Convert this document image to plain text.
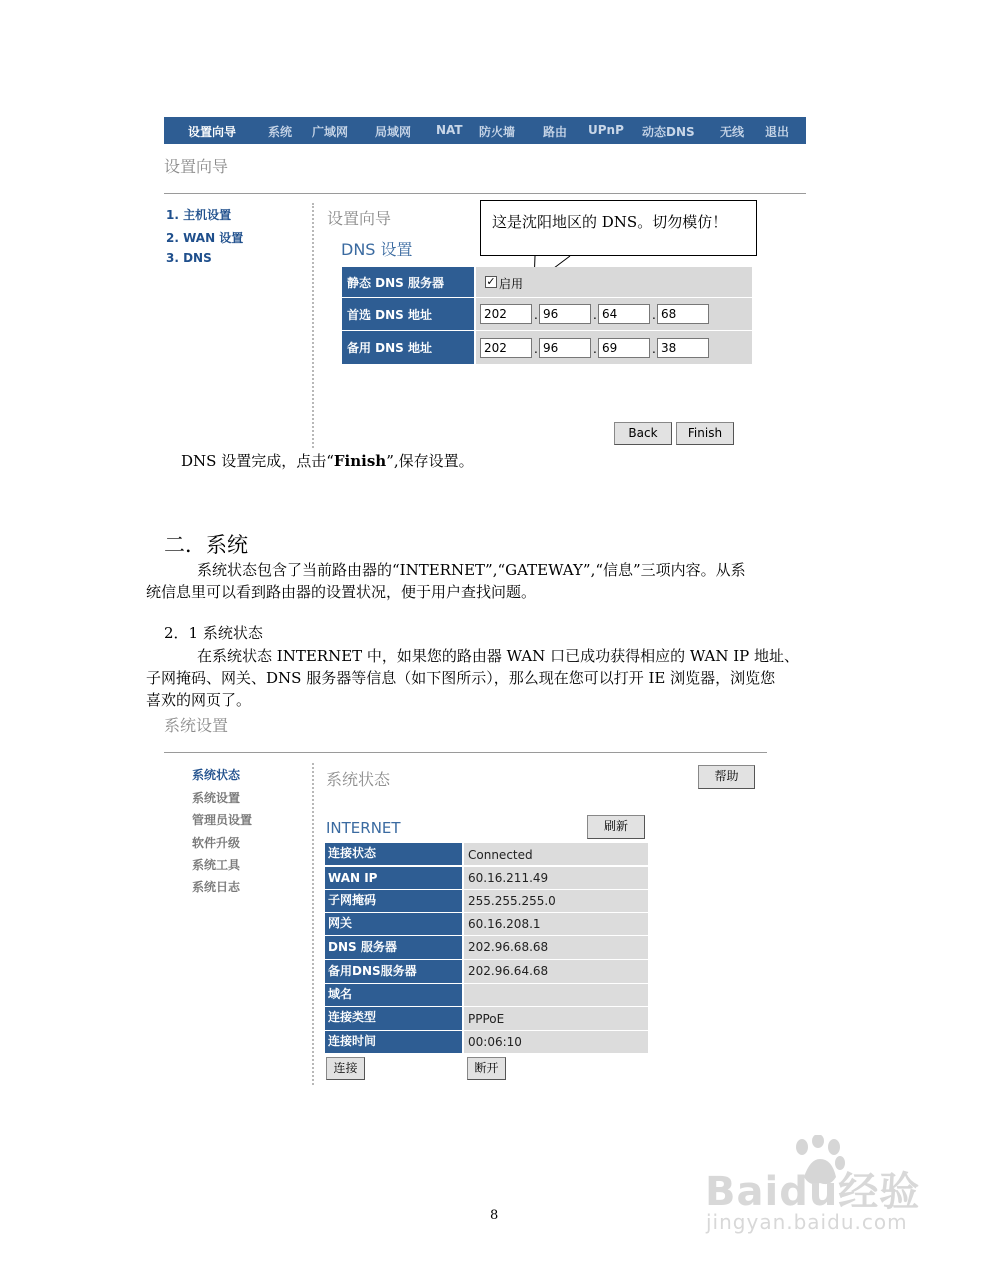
设置向导	系统 广域网 局域网 NAT 防火墙 路由 UPnP 动态DNS 无线 退出
设置向导
1. 主机设置
2. WAN 设置
3. DNS
设置向导
DNS 设置
这是沈阳地区的 DNS。切勿模仿！
静态 DNS 服务器	✓ 启用
首选 DNS 地址	202	. 96	. 64	. 68
备用 DNS 地址	202	. 96	. 69	. 38
Back	Finish
DNS 设置完成，点击“Finish”,保存设置。
二．系统
系统状态包含了当前路由器的“INTERNET”,“GATEWAY”,“信息”三项内容。从系
统信息里可以看到路由器的设置状况，便于用户查找问题。
2．1 系统状态
在系统状态 INTERNET 中，如果您的路由器 WAN 口已成功获得相应的 WAN IP 地址、
子网掩码、网关、DNS 服务器等信息（如下图所示），那么现在您可以打开 IE 浏览器，浏览您
喜欢的网页了。
系统设置
系统状态
系统设置
管理员设置
软件升级
系统工具
系统日志
系统状态	帮助
INTERNET	刷新
连接状态	Connected
WAN IP	60.16.211.49
子网掩码	255.255.255.0
网关	60.16.208.1
DNS 服务器	202.96.68.68
备用DNS服务器	202.96.64.68
域名
连接类型	PPPoE
连接时间	00:06:10
连接	断开
8
Baidu经验
jingyan.baidu.com
